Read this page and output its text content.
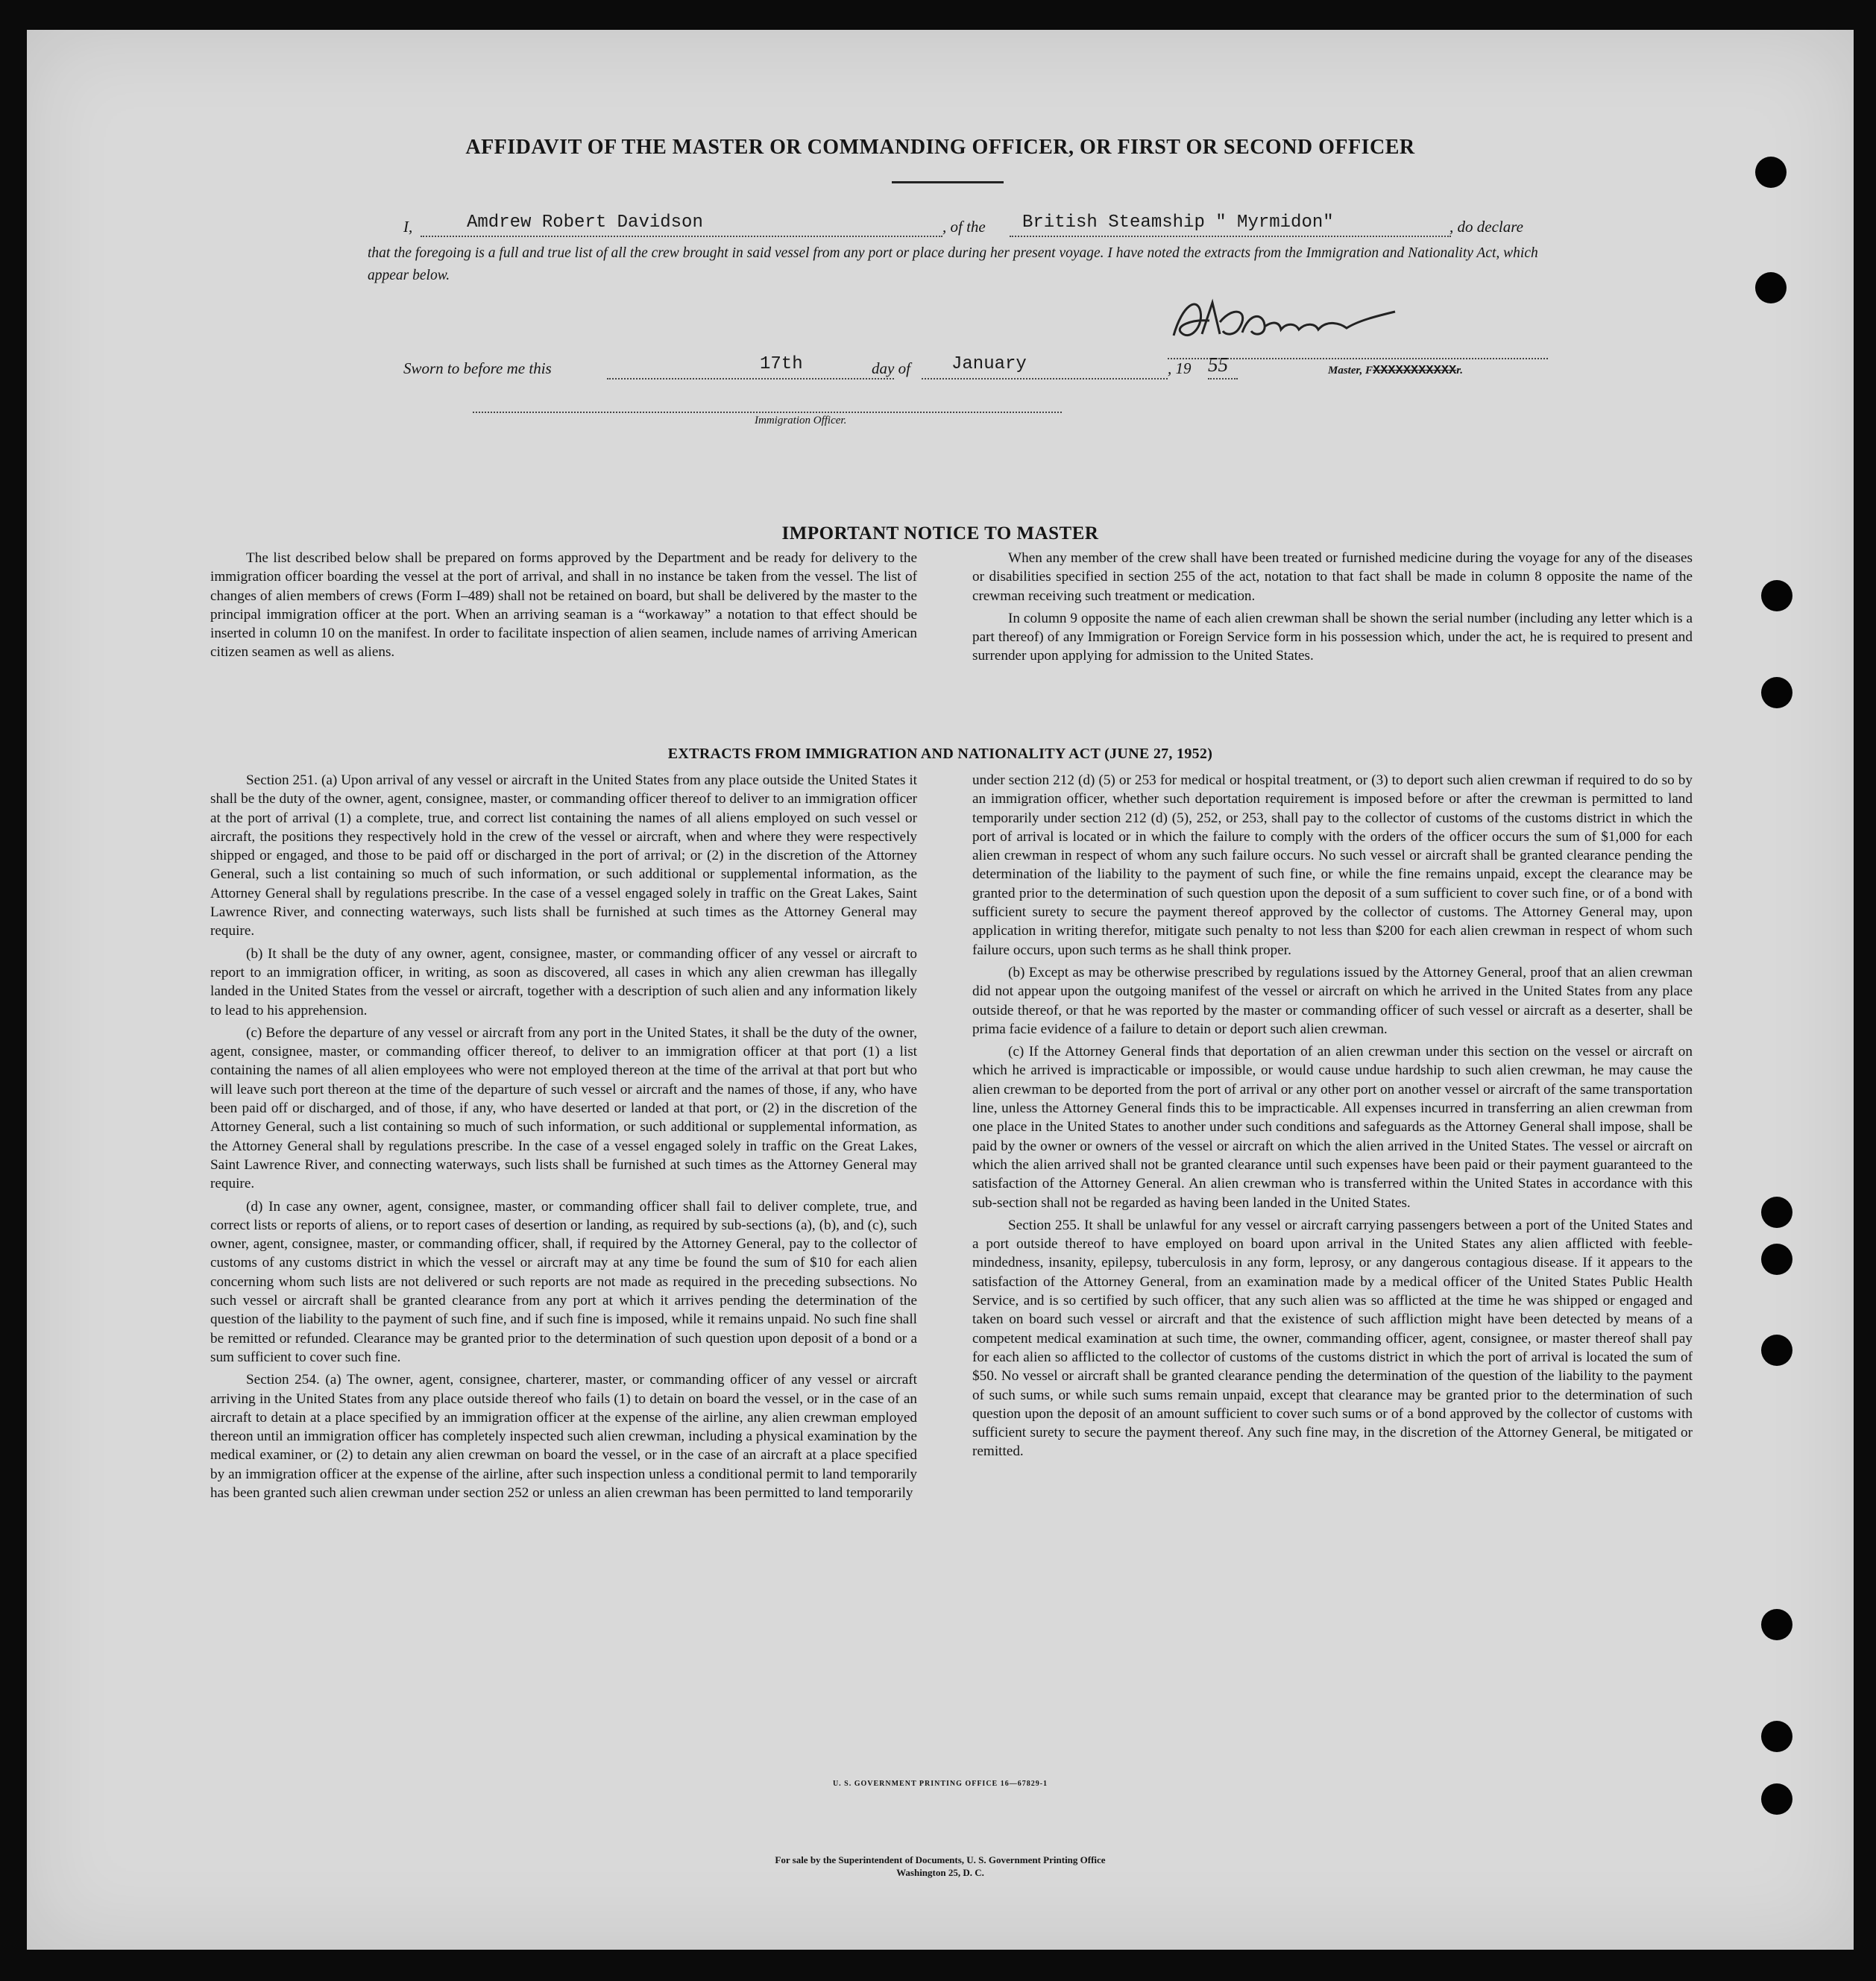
AFFIDAVIT OF THE MASTER OR COMMANDING OFFICER, OR FIRST OR SECOND OFFICER
I,	Amdrew Robert Davidson	, of the British Steamship " Myrmidon"	, do declare
that the foregoing is a full and true list of all the crew brought in said vessel from any port or place during her present voyage. I have noted the extracts from the Immigration and Nationality Act, which appear below.
Master, FXXXXXXXXXXXr.
Sworn to before me this	17th	day of January	, 19 55
Immigration Officer.
IMPORTANT NOTICE TO MASTER

The list described below shall be prepared on forms approved by the Department and be ready for delivery to the immigration officer boarding the vessel at the port of arrival, and shall in no instance be taken from the vessel. The list of changes of alien members of crews (Form I–489) shall not be retained on board, but shall be delivered by the master to the principal immigration officer at the port. When an arriving seaman is a “workaway” a notation to that effect should be inserted in column 10 on the manifest. In order to facilitate inspection of alien seamen, include names of arriving American citizen seamen as well as aliens.

When any member of the crew shall have been treated or furnished medicine during the voyage for any of the diseases or disabilities specified in section 255 of the act, notation to that fact shall be made in column 8 opposite the name of the crewman receiving such treatment or medication.

In column 9 opposite the name of each alien crewman shall be shown the serial number (including any letter which is a part thereof) of any Immigration or Foreign Service form in his possession which, under the act, he is required to present and surrender upon applying for admission to the United States.

EXTRACTS FROM IMMIGRATION AND NATIONALITY ACT (JUNE 27, 1952)

Section 251. (a) Upon arrival of any vessel or aircraft in the United States from any place outside the United States it shall be the duty of the owner, agent, consignee, master, or commanding officer thereof to deliver to an immigration officer at the port of arrival (1) a complete, true, and correct list containing the names of all aliens employed on such vessel or aircraft, the positions they respectively hold in the crew of the vessel or aircraft, when and where they were respectively shipped or engaged, and those to be paid off or discharged in the port of arrival; or (2) in the discretion of the Attorney General, such a list containing so much of such information, or such additional or supplemental information, as the Attorney General shall by regulations prescribe. In the case of a vessel engaged solely in traffic on the Great Lakes, Saint Lawrence River, and connecting waterways, such lists shall be furnished at such times as the Attorney General may require.

(b) It shall be the duty of any owner, agent, consignee, master, or commanding officer of any vessel or aircraft to report to an immigration officer, in writing, as soon as discovered, all cases in which any alien crewman has illegally landed in the United States from the vessel or aircraft, together with a description of such alien and any information likely to lead to his apprehension.

(c) Before the departure of any vessel or aircraft from any port in the United States, it shall be the duty of the owner, agent, consignee, master, or commanding officer thereof, to deliver to an immigration officer at that port (1) a list containing the names of all alien employees who were not employed thereon at the time of the arrival at that port but who will leave such port thereon at the time of the departure of such vessel or aircraft and the names of those, if any, who have been paid off or discharged, and of those, if any, who have deserted or landed at that port, or (2) in the discretion of the Attorney General, such a list containing so much of such information, or such additional or supplemental information, as the Attorney General shall by regulations prescribe. In the case of a vessel engaged solely in traffic on the Great Lakes, Saint Lawrence River, and connecting waterways, such lists shall be furnished at such times as the Attorney General may require.

(d) In case any owner, agent, consignee, master, or commanding officer shall fail to deliver complete, true, and correct lists or reports of aliens, or to report cases of desertion or landing, as required by sub-sections (a), (b), and (c), such owner, agent, consignee, master, or commanding officer, shall, if required by the Attorney General, pay to the collector of customs of any customs district in which the vessel or aircraft may at any time be found the sum of $10 for each alien concerning whom such lists are not delivered or such reports are not made as required in the preceding subsections. No such vessel or aircraft shall be granted clearance from any port at which it arrives pending the determination of the question of the liability to the payment of such fine, and if such fine is imposed, while it remains unpaid. No such fine shall be remitted or refunded. Clearance may be granted prior to the determination of such question upon deposit of a bond or a sum sufficient to cover such fine.

Section 254. (a) The owner, agent, consignee, charterer, master, or commanding officer of any vessel or aircraft arriving in the United States from any place outside thereof who fails (1) to detain on board the vessel, or in the case of an aircraft to detain at a place specified by an immigration officer at the expense of the airline, any alien crewman employed thereon until an immigration officer has completely inspected such alien crewman, including a physical examination by the medical examiner, or (2) to detain any alien crewman on board the vessel, or in the case of an aircraft at a place specified by an immigration officer at the expense of the airline, after such inspection unless a conditional permit to land temporarily has been granted such alien crewman under section 252 or unless an alien crewman has been permitted to land temporarily

under section 212 (d) (5) or 253 for medical or hospital treatment, or (3) to deport such alien crewman if required to do so by an immigration officer, whether such deportation requirement is imposed before or after the crewman is permitted to land temporarily under section 212 (d) (5), 252, or 253, shall pay to the collector of customs of the customs district in which the port of arrival is located or in which the failure to comply with the orders of the officer occurs the sum of $1,000 for each alien crewman in respect of whom any such failure occurs. No such vessel or aircraft shall be granted clearance pending the determination of the liability to the payment of such fine, or while the fine remains unpaid, except the clearance may be granted prior to the determination of such question upon the deposit of a sum sufficient to cover such fine, or of a bond with sufficient surety to secure the payment thereof approved by the collector of customs. The Attorney General may, upon application in writing therefor, mitigate such penalty to not less than $200 for each alien crewman in respect of whom such failure occurs, upon such terms as he shall think proper.

(b) Except as may be otherwise prescribed by regulations issued by the Attorney General, proof that an alien crewman did not appear upon the outgoing manifest of the vessel or aircraft on which he arrived in the United States from any place outside thereof, or that he was reported by the master or commanding officer of such vessel or aircraft as a deserter, shall be prima facie evidence of a failure to detain or deport such alien crewman.

(c) If the Attorney General finds that deportation of an alien crewman under this section on the vessel or aircraft on which he arrived is impracticable or impossible, or would cause undue hardship to such alien crewman, he may cause the alien crewman to be deported from the port of arrival or any other port on another vessel or aircraft of the same transportation line, unless the Attorney General finds this to be impracticable. All expenses incurred in transferring an alien crewman from one place in the United States to another under such conditions and safeguards as the Attorney General shall impose, shall be paid by the owner or owners of the vessel or aircraft on which the alien arrived in the United States. The vessel or aircraft on which the alien arrived shall not be granted clearance until such expenses have been paid or their payment guaranteed to the satisfaction of the Attorney General. An alien crewman who is transferred within the United States in accordance with this sub-section shall not be regarded as having been landed in the United States.

Section 255. It shall be unlawful for any vessel or aircraft carrying passengers between a port of the United States and a port outside thereof to have employed on board upon arrival in the United States any alien afflicted with feeble-mindedness, insanity, epilepsy, tuberculosis in any form, leprosy, or any dangerous contagious disease. If it appears to the satisfaction of the Attorney General, from an examination made by a medical officer of the United States Public Health Service, and is so certified by such officer, that any such alien was so afflicted at the time he was shipped or engaged and taken on board such vessel or aircraft and that the existence of such affliction might have been detected by means of a competent medical examination at such time, the owner, commanding officer, agent, consignee, or master thereof shall pay for each alien so afflicted to the collector of customs of the customs district in which the port of arrival is located the sum of $50. No vessel or aircraft shall be granted clearance pending the determination of the question of the liability to the payment of such sums, or while such sums remain unpaid, except that clearance may be granted prior to the determination of such question upon the deposit of an amount sufficient to cover such sums or of a bond approved by the collector of customs with sufficient surety to secure the payment thereof. Any such fine may, in the discretion of the Attorney General, be mitigated or remitted.

U. S. GOVERNMENT PRINTING OFFICE 16—67829-1
For sale by the Superintendent of Documents, U. S. Government Printing Office
Washington 25, D. C.
